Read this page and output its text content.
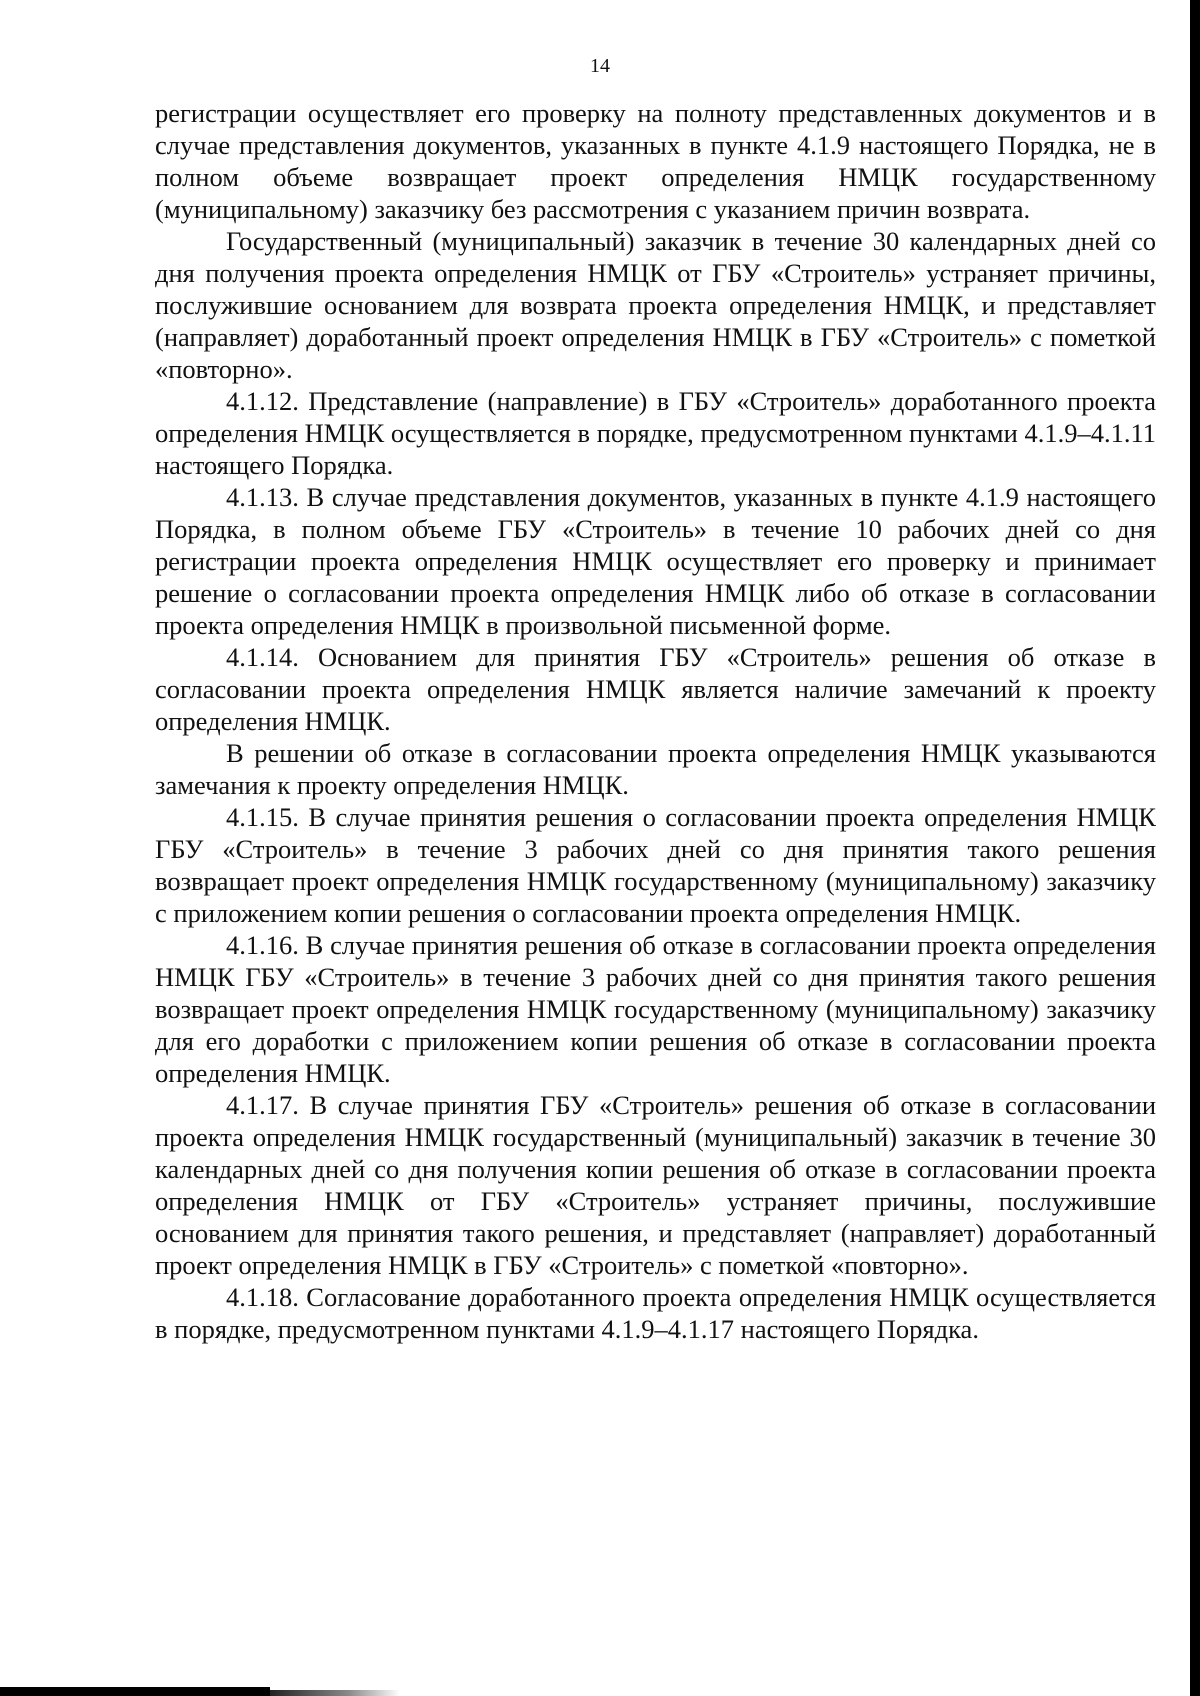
14

регистрации осуществляет его проверку на полноту представленных документов и в случае представления документов, указанных в пункте 4.1.9 настоящего Порядка, не в полном объеме возвращает проект определения НМЦК государственному (муниципальному) заказчику без рассмотрения с указанием причин возврата.

Государственный (муниципальный) заказчик в течение 30 календарных дней со дня получения проекта определения НМЦК от ГБУ «Строитель» устраняет причины, послужившие основанием для возврата проекта определения НМЦК, и представляет (направляет) доработанный проект определения НМЦК в ГБУ «Строитель» с пометкой «повторно».

4.1.12. Представление (направление) в ГБУ «Строитель» доработанного проекта определения НМЦК осуществляется в порядке, предусмотренном пунктами 4.1.9–4.1.11 настоящего Порядка.

4.1.13. В случае представления документов, указанных в пункте 4.1.9 настоящего Порядка, в полном объеме ГБУ «Строитель» в течение 10 рабочих дней со дня регистрации проекта определения НМЦК осуществляет его проверку и принимает решение о согласовании проекта определения НМЦК либо об отказе в согласовании проекта определения НМЦК в произвольной письменной форме.

4.1.14. Основанием для принятия ГБУ «Строитель» решения об отказе в согласовании проекта определения НМЦК является наличие замечаний к проекту определения НМЦК.

В решении об отказе в согласовании проекта определения НМЦК указываются замечания к проекту определения НМЦК.

4.1.15. В случае принятия решения о согласовании проекта определения НМЦК ГБУ «Строитель» в течение 3 рабочих дней со дня принятия такого решения возвращает проект определения НМЦК государственному (муниципальному) заказчику с приложением копии решения о согласовании проекта определения НМЦК.

4.1.16. В случае принятия решения об отказе в согласовании проекта определения НМЦК ГБУ «Строитель» в течение 3 рабочих дней со дня принятия такого решения возвращает проект определения НМЦК государственному (муниципальному) заказчику для его доработки с приложением копии решения об отказе в согласовании проекта определения НМЦК.

4.1.17. В случае принятия ГБУ «Строитель» решения об отказе в согласовании проекта определения НМЦК государственный (муниципальный) заказчик в течение 30 календарных дней со дня получения копии решения об отказе в согласовании проекта определения НМЦК от ГБУ «Строитель» устраняет причины, послужившие основанием для принятия такого решения, и представляет (направляет) доработанный проект определения НМЦК в ГБУ «Строитель» с пометкой «повторно».

4.1.18. Согласование доработанного проекта определения НМЦК осуществляется в порядке, предусмотренном пунктами 4.1.9–4.1.17 настоящего Порядка.
